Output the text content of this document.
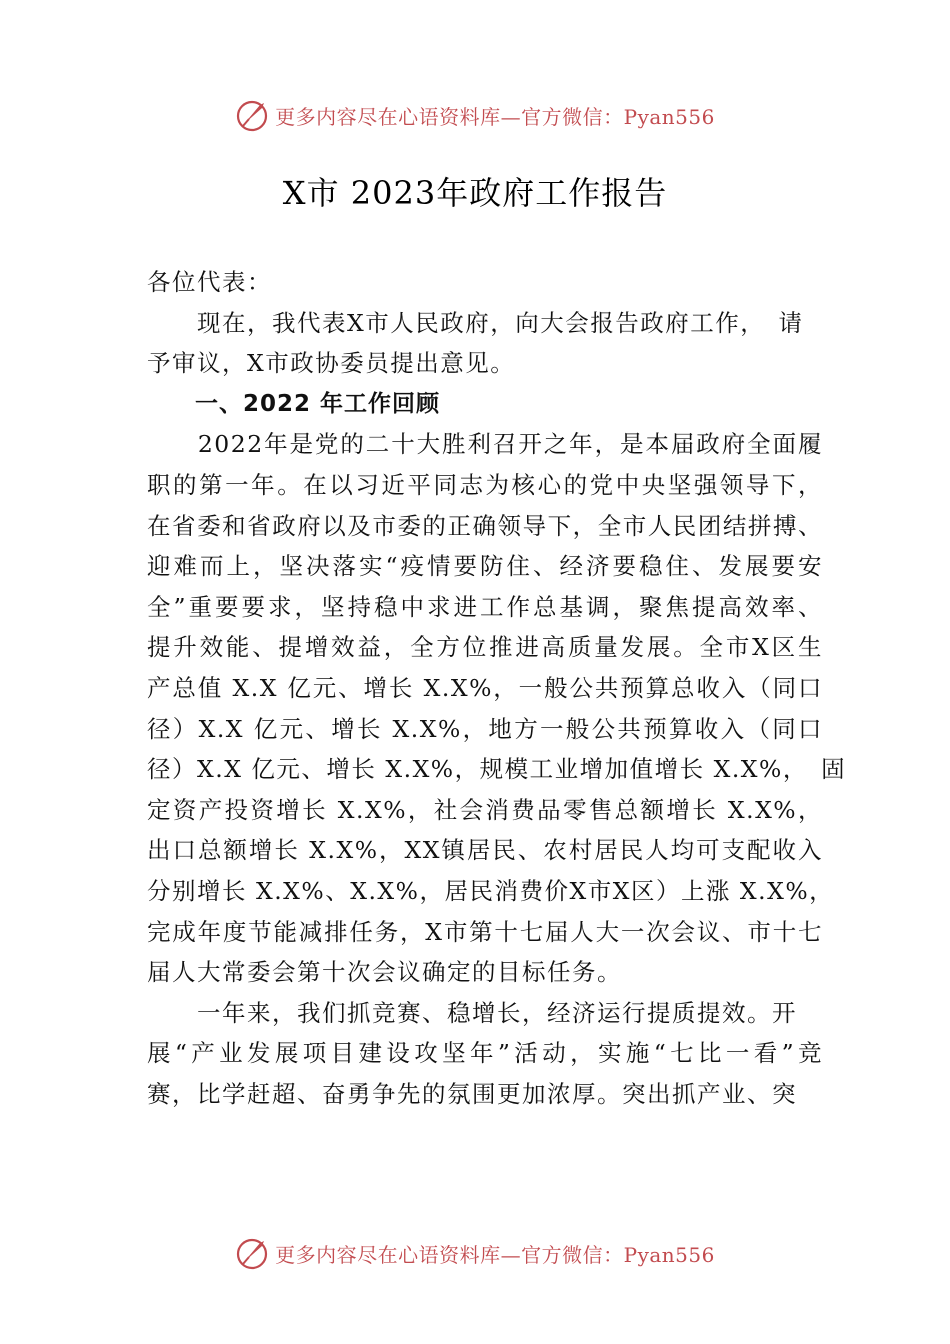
更多内容尽在心语资料库—官方微信：Pyan556
X市 2023年政府工作报告
各位代表：
　　现在，我代表X市人民政府，向大会报告政府工作，　请
予审议，X市政协委员提出意见。
　　一、2022 年工作回顾
　　2022年是党的二十大胜利召开之年，是本届政府全面履
职的第一年。在以习近平同志为核心的党中央坚强领导下，
在省委和省政府以及市委的正确领导下，全市人民团结拼搏、
迎难而上，坚决落实“疫情要防住、经济要稳住、发展要安
全”重要要求，坚持稳中求进工作总基调，聚焦提高效率、
提升效能、提增效益，全方位推进高质量发展。全市X区生
产总值 X.X 亿元、增长 X.X%，一般公共预算总收入（同口
径）X.X 亿元、增长 X.X%，地方一般公共预算收入（同口
径）X.X 亿元、增长 X.X%，规模工业增加值增长 X.X%，　固
定资产投资增长 X.X%，社会消费品零售总额增长 X.X%，
出口总额增长 X.X%，XX镇居民、农村居民人均可支配收入
分别增长 X.X%、X.X%，居民消费价X市X区）上涨 X.X%，
完成年度节能减排任务，X市第十七届人大一次会议、市十七
届人大常委会第十次会议确定的目标任务。
　　一年来，我们抓竞赛、稳增长，经济运行提质提效。开
展“产业发展项目建设攻坚年”活动，实施“七比一看”竞
赛，比学赶超、奋勇争先的氛围更加浓厚。突出抓产业、突
更多内容尽在心语资料库—官方微信：Pyan556
